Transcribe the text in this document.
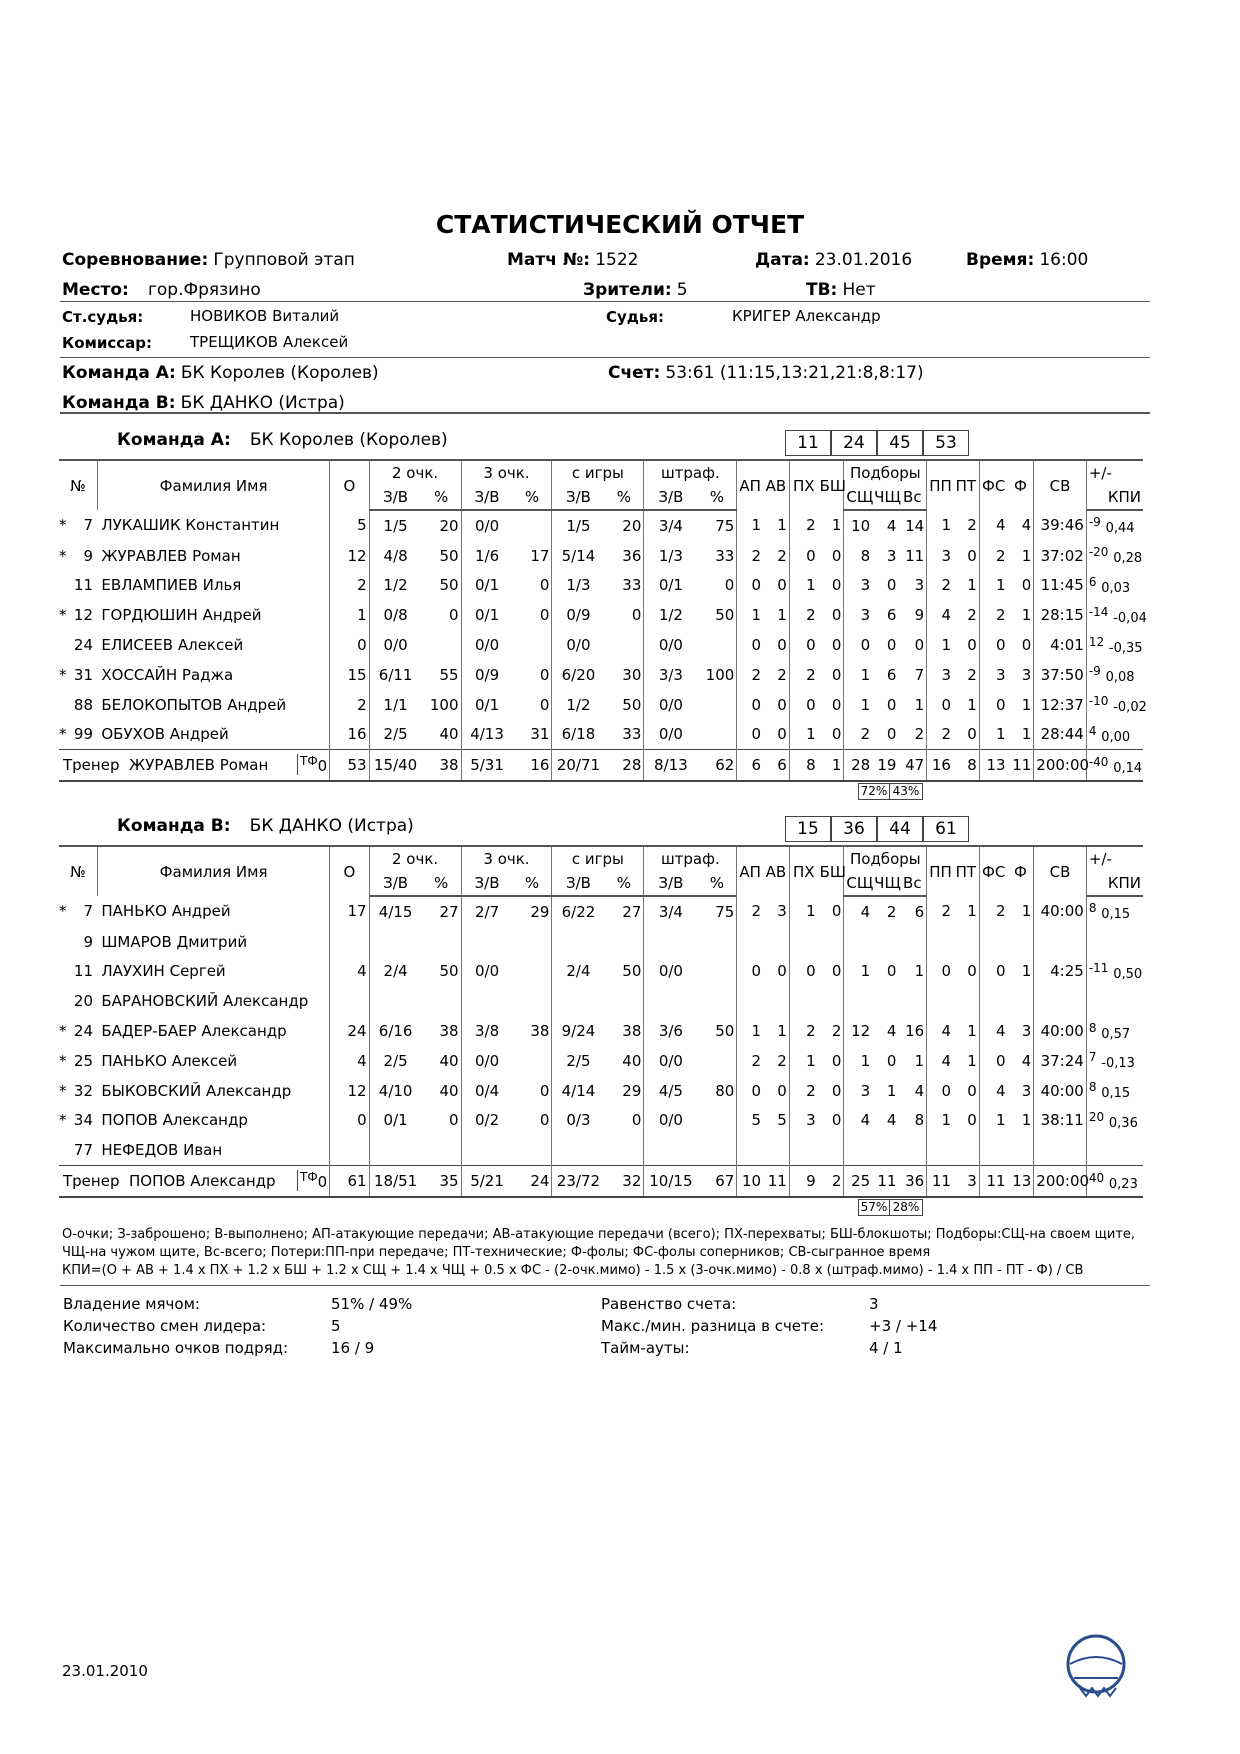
СТАТИСТИЧЕСКИЙ ОТЧЕТ
Соревнование: Групповой этап	Матч №: 1522	Дата: 23.01.2016	Время: 16:00
Место: гор.Фрязино	Зрители: 5	ТВ: Нет
Ст.судья:	НОВИКОВ Виталий	Судья:	КРИГЕР Александр
Комиссар:	ТРЕЩИКОВ Алексей
Команда А: БК Королев (Королев)	Счет: 53:61 (11:15,13:21,21:8,8:17)
Команда В: БК ДАНКО (Истра)
Команда А: БК Королев (Королев)	11	24	45	53
№	Фамилия Имя	О	2 очк.		3 очк.		с игры		штраф.		АП	АВ	ПХ	БШ	Подборы			ПП	ПТ	ФС	Ф	СВ	+/-
			З/В	%	З/В	%	З/В	%	З/В	%					СЩ	ЧЩ	Вс						КПИ
* 7	ЛУКАШИК Константин	5	1/5	20	0/0		1/5	20	3/4	75	1	1	2	1	10	4	14	1	2	4	4	39:46	$^{-9}$ 0,44
* 9	ЖУРАВЛЕВ Роман	12	4/8	50	1/6	17	5/14	36	1/3	33	2	2	0	0	8	3	11	3	0	2	1	37:02	$^{-20}$ 0,28
11	ЕВЛАМПИЕВ Илья	2	1/2	50	0/1	0	1/3	33	0/1	0	0	0	1	0	3	0	3	2	1	1	0	11:45	$^6$ 0,03
* 12	ГОРДЮШИН Андрей	1	0/8	0	0/1	0	0/9	0	1/2	50	1	1	2	0	3	6	9	4	2	2	1	28:15	$^{-14}$ -0,04
24	ЕЛИСЕЕВ Алексей	0	0/0		0/0		0/0		0/0		0	0	0	0	0	0	0	1	0	0	0	4:01	$^{12}$ -0,35
* 31	ХОССАЙН Раджа	15	6/11	55	0/9	0	6/20	30	3/3	100	2	2	2	0	1	6	7	3	2	3	3	37:50	$^{-9}$ 0,08
88	БЕЛОКОПЫТОВ Андрей	2	1/1	100	0/1	0	1/2	50	0/0		0	0	0	0	1	0	1	0	1	0	1	12:37	$^{-10}$ -0,02
* 99	ОБУХОВ Андрей	16	2/5	40	4/13	31	6/18	33	0/0		0	0	1	0	2	0	2	2	0	1	1	28:44	$^4$ 0,00
Тренер ЖУРАВЛЕВ Роман $^{ТФ}$0		53	15/40	38	5/31	16	20/71	28	8/13	62	6	6	8	1	28	19	47	16	8	13	11	200:00	$^{-40}$ 0,14
72% 43%
Команда В: БК ДАНКО (Истра)	15	36	44	61
№	Фамилия Имя	О	2 очк.		3 очк.		с игры		штраф.		АП	АВ	ПХ	БШ	Подборы			ПП	ПТ	ФС	Ф	СВ	+/-
			З/В	%	З/В	%	З/В	%	З/В	%					СЩ	ЧЩ	Вс						КПИ
* 7	ПАНЬКО Андрей	17	4/15	27	2/7	29	6/22	27	3/4	75	2	3	1	0	4	2	6	2	1	2	1	40:00	$^8$ 0,15
9	ШМАРОВ Дмитрий																						
11	ЛАУХИН Сергей	4	2/4	50	0/0		2/4	50	0/0		0	0	0	0	1	0	1	0	0	0	1	4:25	$^{-11}$ 0,50
20	БАРАНОВСКИЙ Александр																						
* 24	БАДЕР-БАЕР Александр	24	6/16	38	3/8	38	9/24	38	3/6	50	1	1	2	2	12	4	16	4	1	4	3	40:00	$^8$ 0,57
* 25	ПАНЬКО Алексей	4	2/5	40	0/0		2/5	40	0/0		2	2	1	0	1	0	1	4	1	0	4	37:24	$^7$ -0,13
* 32	БЫКОВСКИЙ Александр	12	4/10	40	0/4	0	4/14	29	4/5	80	0	0	2	0	3	1	4	0	0	4	3	40:00	$^8$ 0,15
* 34	ПОПОВ Александр	0	0/1	0	0/2	0	0/3	0	0/0		5	5	3	0	4	4	8	1	0	1	1	38:11	$^{20}$ 0,36
77	НЕФЕДОВ Иван																						
Тренер ПОПОВ Александр $^{ТФ}$0		61	18/51	35	5/21	24	23/72	32	10/15	67	10	11	9	2	25	11	36	11	3	11	13	200:00	$^{40}$ 0,23
57% 28%
О-очки; З-заброшено; В-выполнено; АП-атакующие передачи; АВ-атакующие передачи (всего); ПХ-перехваты; БШ-блокшоты; Подборы:СЩ-на своем щите,
ЧЩ-на чужом щите, Вс-всего; Потери:ПП-при передаче; ПТ-технические; Ф-фолы; ФС-фолы соперников; СВ-сыгранное время
КПИ=(О + АВ + 1.4 х ПХ + 1.2 х БШ + 1.2 х СЩ + 1.4 х ЧЩ + 0.5 х ФС - (2-очк.мимо) - 1.5 х (3-очк.мимо) - 0.8 х (штраф.мимо) - 1.4 х ПП - ПТ - Ф) / СВ
Владение мячом:	51% / 49%	Равенство счета:	3
Количество смен лидера:	5	Макс./мин. разница в счете:	+3 / +14
Максимально очков подряд:	16 / 9	Тайм-ауты:	4 / 1
23.01.2010
